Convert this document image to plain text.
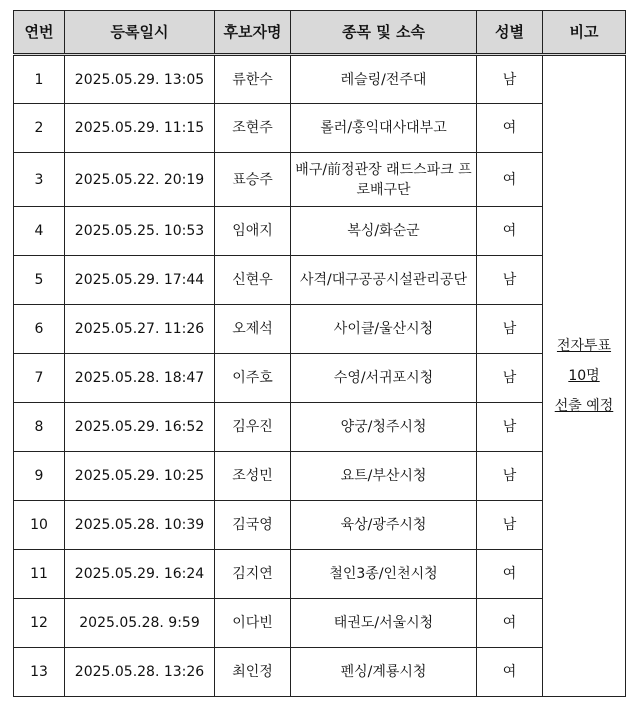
연번	등록일시	후보자명	종목 및 소속	성별	비고
1	2025.05.29. 13:05	류한수	레슬링/전주대	남	전자투표
10명
선출 예정

2	2025.05.29. 11:15	조현주	롤러/홍익대사대부고	여	
3	2025.05.22. 20:19	표승주	배구/前정관장 래드스파크 프로배구단	여	
4	2025.05.25. 10:53	임애지	복싱/화순군	여	
5	2025.05.29. 17:44	신현우	사격/대구공공시설관리공단	남	
6	2025.05.27. 11:26	오제석	사이클/울산시청	남	
7	2025.05.28. 18:47	이주호	수영/서귀포시청	남	
8	2025.05.29. 16:52	김우진	양궁/청주시청	남	
9	2025.05.29. 10:25	조성민	요트/부산시청	남	
10	2025.05.28. 10:39	김국영	육상/광주시청	남	
11	2025.05.29. 16:24	김지연	철인3종/인천시청	여	
12	2025.05.28. 9:59	이다빈	태권도/서울시청	여	
13	2025.05.28. 13:26	최인정	펜싱/계룡시청	여	
